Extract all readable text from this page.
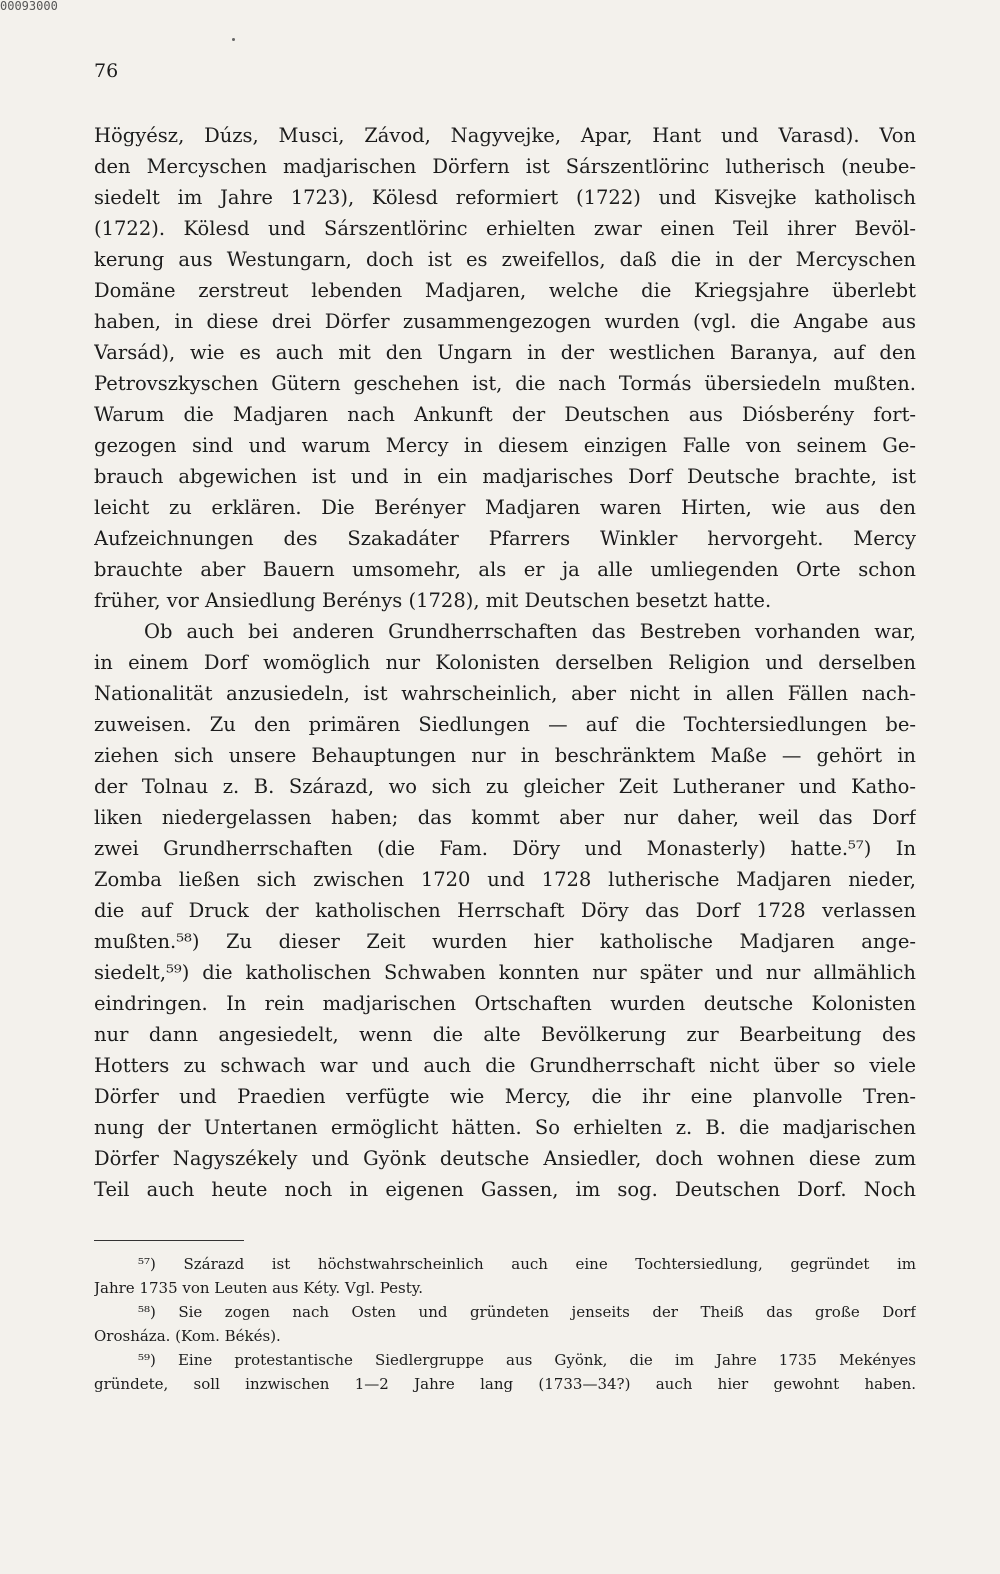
00093000
76
Högyész, Dúzs, Musci, Závod, Nagyvejke, Apar, Hant und Varasd). Von
den Mercyschen madjarischen Dörfern ist Sárszentlörinc lutherisch (neube-
siedelt im Jahre 1723), Kölesd reformiert (1722) und Kisvejke katholisch
(1722). Kölesd und Sárszentlörinc erhielten zwar einen Teil ihrer Bevöl-
kerung aus Westungarn, doch ist es zweifellos, daß die in der Mercyschen
Domäne zerstreut lebenden Madjaren, welche die Kriegsjahre überlebt
haben, in diese drei Dörfer zusammengezogen wurden (vgl. die Angabe aus
Varsád), wie es auch mit den Ungarn in der westlichen Baranya, auf den
Petrovszkyschen Gütern geschehen ist, die nach Tormás übersiedeln mußten.
Warum die Madjaren nach Ankunft der Deutschen aus Diósberény fort-
gezogen sind und warum Mercy in diesem einzigen Falle von seinem Ge-
brauch abgewichen ist und in ein madjarisches Dorf Deutsche brachte, ist
leicht zu erklären. Die Berényer Madjaren waren Hirten, wie aus den
Aufzeichnungen des Szakadáter Pfarrers Winkler hervorgeht. Mercy
brauchte aber Bauern umsomehr, als er ja alle umliegenden Orte schon
früher, vor Ansiedlung Berénys (1728), mit Deutschen besetzt hatte.
Ob auch bei anderen Grundherrschaften das Bestreben vorhanden war,
in einem Dorf womöglich nur Kolonisten derselben Religion und derselben
Nationalität anzusiedeln, ist wahrscheinlich, aber nicht in allen Fällen nach-
zuweisen. Zu den primären Siedlungen — auf die Tochtersiedlungen be-
ziehen sich unsere Behauptungen nur in beschränktem Maße — gehört in
der Tolnau z. B. Szárazd, wo sich zu gleicher Zeit Lutheraner und Katho-
liken niedergelassen haben; das kommt aber nur daher, weil das Dorf
zwei Grundherrschaften (die Fam. Döry und Monasterly) hatte.⁵⁷) In
Zomba ließen sich zwischen 1720 und 1728 lutherische Madjaren nieder,
die auf Druck der katholischen Herrschaft Döry das Dorf 1728 verlassen
mußten.⁵⁸) Zu dieser Zeit wurden hier katholische Madjaren ange-
siedelt,⁵⁹) die katholischen Schwaben konnten nur später und nur allmählich
eindringen. In rein madjarischen Ortschaften wurden deutsche Kolonisten
nur dann angesiedelt, wenn die alte Bevölkerung zur Bearbeitung des
Hotters zu schwach war und auch die Grundherrschaft nicht über so viele
Dörfer und Praedien verfügte wie Mercy, die ihr eine planvolle Tren-
nung der Untertanen ermöglicht hätten. So erhielten z. B. die madjarischen
Dörfer Nagyszékely und Gyönk deutsche Ansiedler, doch wohnen diese zum
Teil auch heute noch in eigenen Gassen, im sog. Deutschen Dorf. Noch
⁵⁷) Szárazd ist höchstwahrscheinlich auch eine Tochtersiedlung, gegründet im
Jahre 1735 von Leuten aus Kéty. Vgl. Pesty.
⁵⁸) Sie zogen nach Osten und gründeten jenseits der Theiß das große Dorf
Orosháza. (Kom. Békés).
⁵⁹) Eine protestantische Siedlergruppe aus Gyönk, die im Jahre 1735 Mekényes
gründete, soll inzwischen 1—2 Jahre lang (1733—34?) auch hier gewohnt haben.
